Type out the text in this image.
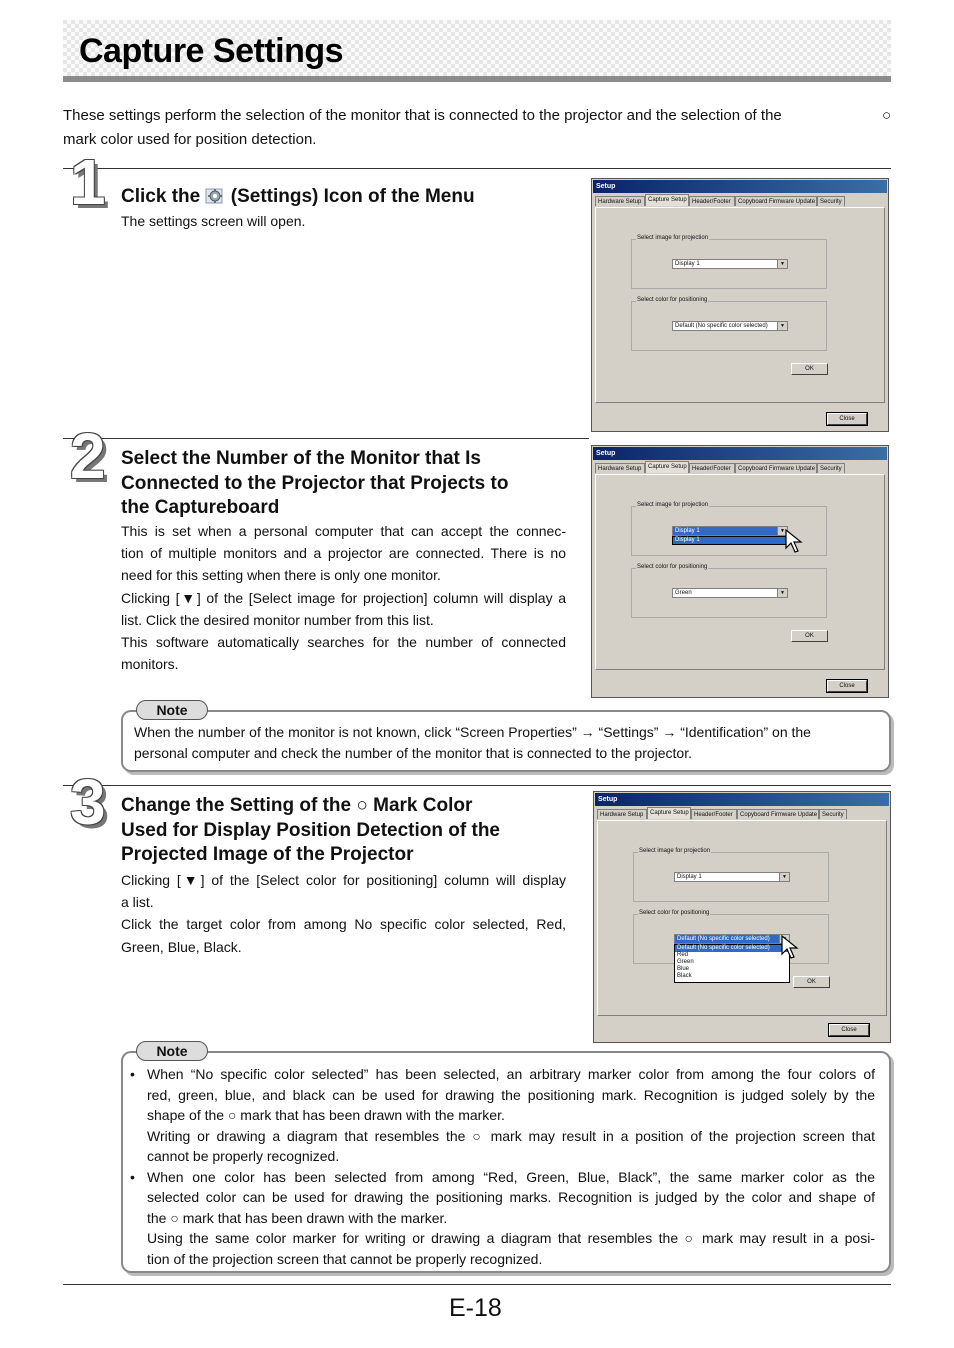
Capture Settings
These settings perform the selection of the monitor that is connected to the projector and the selection of the	○
mark color used for position detection.
1 Click the (Settings) Icon of the Menu
The settings screen will open.
Setup
Hardware Setup	Capture Setup Header/Footer	Copyboard Firmware Update Security
Select image for projection
Display 1	▼
Select color for positioning
Default (No specific color selected)	▼
OK
Close
2 Select the Number of the Monitor that Is
Connected to the Projector that Projects to
the Captureboard
This is set when a personal computer that can accept the connec-
tion of multiple monitors and a projector are connected. There is no
need for this setting when there is only one monitor.
Clicking [▼] of the [Select image for projection] column will display a
list. Click the desired monitor number from this list.
This software automatically searches for the number of connected
monitors.
Setup
Hardware Setup	Capture Setup Header/Footer	Copyboard Firmware Update Security
Select image for projection
Display 1	▼
Display 1
Select color for positioning
Green	▼
OK
Close
Note
When the number of the monitor is not known, click “Screen Properties” → “Settings” → “Identification” on the
personal computer and check the number of the monitor that is connected to the projector.
3 Change the Setting of the ○ Mark Color
Used for Display Position Detection of the
Projected Image of the Projector
Clicking [▼] of the [Select color for positioning] column will display
a list.
Click the target color from among No specific color selected, Red,
Green, Blue, Black.
Setup
Hardware Setup	Capture Setup Header/Footer	Copyboard Firmware Update Security
Select image for projection
Display 1	▼
Select color for positioning
Default (No specific color selected)
Default (No specific color selected)
Red
Green
Blue
Black
OK
Close
Note
• When “No specific color selected” has been selected, an arbitrary marker color from among the four colors of
red, green, blue, and black can be used for drawing the positioning mark. Recognition is judged solely by the
shape of the ○ mark that has been drawn with the marker.
Writing or drawing a diagram that resembles the ○ mark may result in a position of the projection screen that
cannot be properly recognized.
• When one color has been selected from among “Red, Green, Blue, Black”, the same marker color as the
selected color can be used for drawing the positioning marks. Recognition is judged by the color and shape of
the ○ mark that has been drawn with the marker.
Using the same color marker for writing or drawing a diagram that resembles the ○ mark may result in a posi-
tion of the projection screen that cannot be properly recognized.
E-18
